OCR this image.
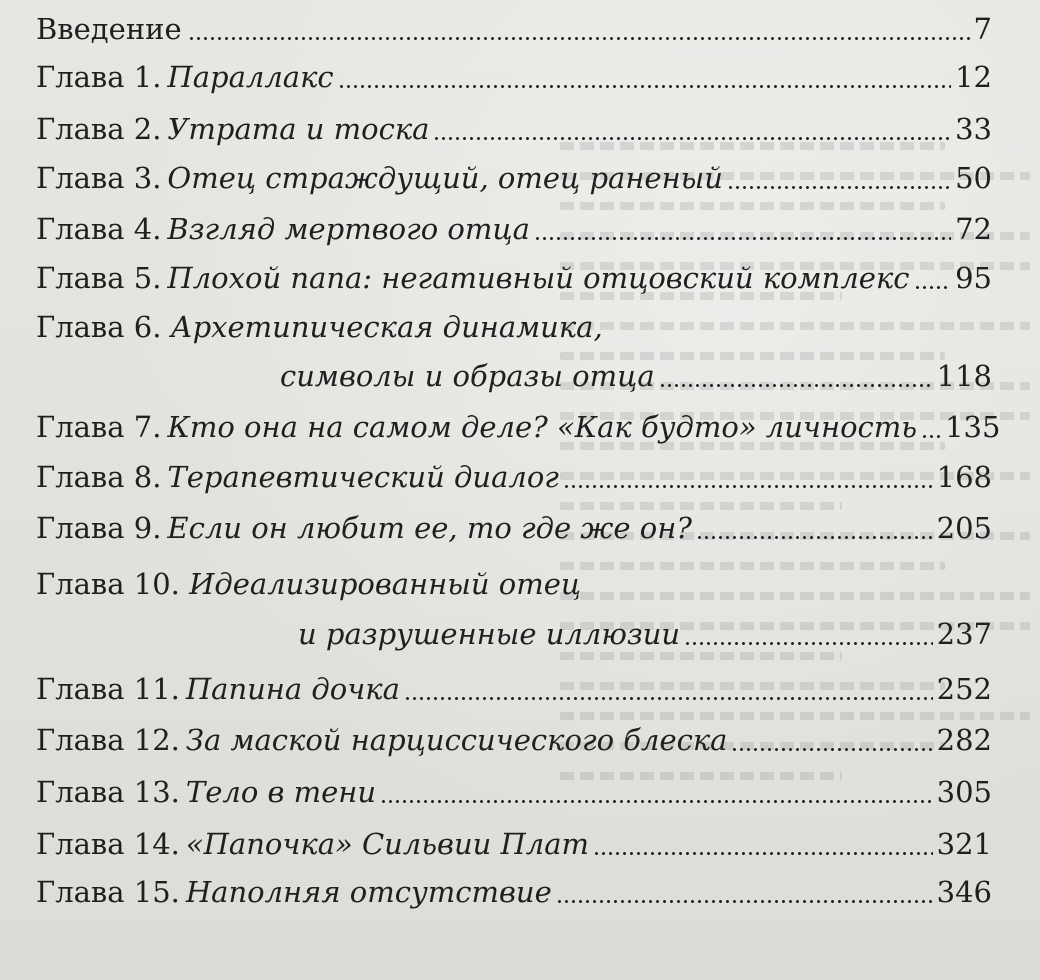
Введение	7
Глава 1. Параллакс	12
Глава 2. Утрата и тоска	33
Глава 3. Отец страждущий, отец раненый	50
Глава 4. Взгляд мертвого отца	72
Глава 5. Плохой папа: негативный отцовский комплекс 95
Глава 6. Архетипическая динамика,
символы и образы отца	118
Глава 7. Кто она на самом деле? «Как будто» личность 135
Глава 8. Терапевтический диалог	168
Глава 9. Если он любит ее, то где же он?	205
Глава 10. Идеализированный отец
и разрушенные иллюзии	237
Глава 11. Папина дочка	252
Глава 12. За маской нарциссического блеска	282
Глава 13. Тело в тени	305
Глава 14. «Папочка» Сильвии Плат	321
Глава 15. Наполняя отсутствие	346
